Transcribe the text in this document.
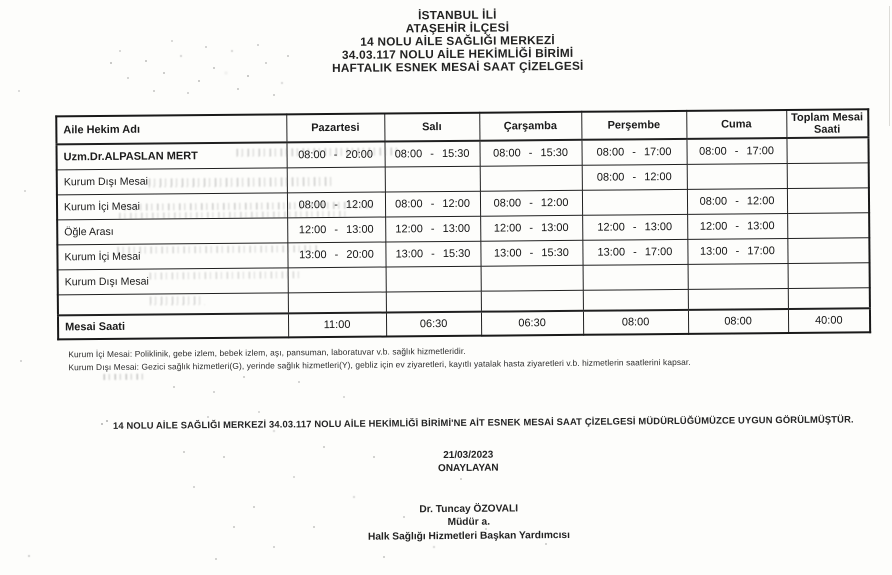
İSTANBUL İLİ
ATAŞEHİR İLÇESİ
14 NOLU AİLE SAĞLIĞI MERKEZİ
34.03.117 NOLU AİLE HEKİMLİĞİ BİRİMİ
HAFTALIK ESNEK MESAİ SAAT ÇİZELGESİ
Aile Hekim Adı	Pazartesi	Salı	Çarşamba	Perşembe	Cuma	Toplam Mesai Saati
Uzm.Dr.ALPASLAN MERT	08:00 - 20:00	08:00 - 15:30	08:00 - 15:30	08:00 - 17:00	08:00 - 17:00	
Kurum Dışı Mesai				08:00 - 12:00		
Kurum İçi Mesai	08:00 - 12:00	08:00 - 12:00	08:00 - 12:00		08:00 - 12:00	
Öğle Arası	12:00 - 13:00	12:00 - 13:00	12:00 - 13:00	12:00 - 13:00	12:00 - 13:00	
Kurum İçi Mesai	13:00 - 20:00	13:00 - 15:30	13:00 - 15:30	13:00 - 17:00	13:00 - 17:00	
Kurum Dışı Mesai						

Mesai Saati	11:00	06:30	06:30	08:00	08:00	40:00
Kurum İçi Mesai: Poliklinik, gebe izlem, bebek izlem, aşı, pansuman, laboratuvar v.b. sağlık hizmetleridir.
Kurum Dışı Mesai: Gezici sağlık hizmetleri(G), yerinde sağlık hizmetleri(Y), gebliz için ev ziyaretleri, kayıtlı yatalak hasta ziyaretleri v.b. hizmetlerin saatlerini kapsar.
14 NOLU AİLE SAĞLIĞI MERKEZİ 34.03.117 NOLU AİLE HEKİMLİĞİ BİRİMİ'NE AİT ESNEK MESAİ SAAT ÇİZELGESİ MÜDÜRLÜĞÜMÜZCE UYGUN GÖRÜLMÜŞTÜR.
21/03/2023
ONAYLAYAN
Dr. Tuncay ÖZOVALI
Müdür a.
Halk Sağlığı Hizmetleri Başkan Yardımcısı
